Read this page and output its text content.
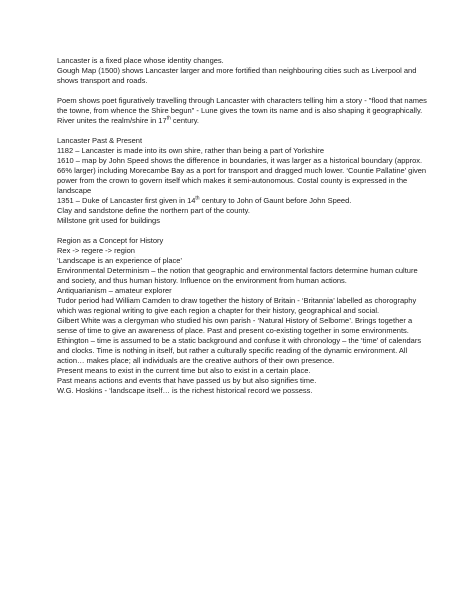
Lancaster is a fixed place whose identity changes.

Gough Map (1500) shows Lancaster larger and more fortified than neighbouring cities such as Liverpool and shows transport and roads.

Poem shows poet figuratively travelling through Lancaster with characters telling him a story - "flood that names the towne, from whence the Shire begun" - Lune gives the town its name and is also shaping it geographically. River unites the realm/shire in 17th century.

Lancaster Past & Present

1182 – Lancaster is made into its own shire, rather than being a part of Yorkshire

1610 – map by John Speed shows the difference in boundaries, it was larger as a historical boundary (approx. 66% larger) including Morecambe Bay as a port for transport and dragged much lower. ‘Countie Pallatine’ given power from the crown to govern itself which makes it semi-autonomous. Costal county is expressed in the landscape

1351 – Duke of Lancaster first given in 14th century to John of Gaunt before John Speed.

Clay and sandstone define the northern part of the county.

Millstone grit used for buildings

Region as a Concept for History

Rex -> regere -> region

‘Landscape is an experience of place’

Environmental Determinism – the notion that geographic and environmental factors determine human culture and society, and thus human history. Influence on the environment from human actions.

Antiquarianism – amateur explorer

Tudor period had William Camden to draw together the history of Britain - ‘Britannia’ labelled as chorography which was regional writing to give each region a chapter for their history, geographical and social.

Gilbert White was a clergyman who studied his own parish - ‘Natural History of Selborne’. Brings together a sense of time to give an awareness of place. Past and present co-existing together in some environments.

Ethington – time is assumed to be a static background and confuse it with chronology – the ‘time’ of calendars and clocks. Time is nothing in itself, but rather a culturally specific reading of the dynamic environment. All action… makes place; all individuals are the creative authors of their own presence.

Present means to exist in the current time but also to exist in a certain place.

Past means actions and events that have passed us by but also signifies time.

W.G. Hoskins - ‘landscape itself… is the richest historical record we possess.
